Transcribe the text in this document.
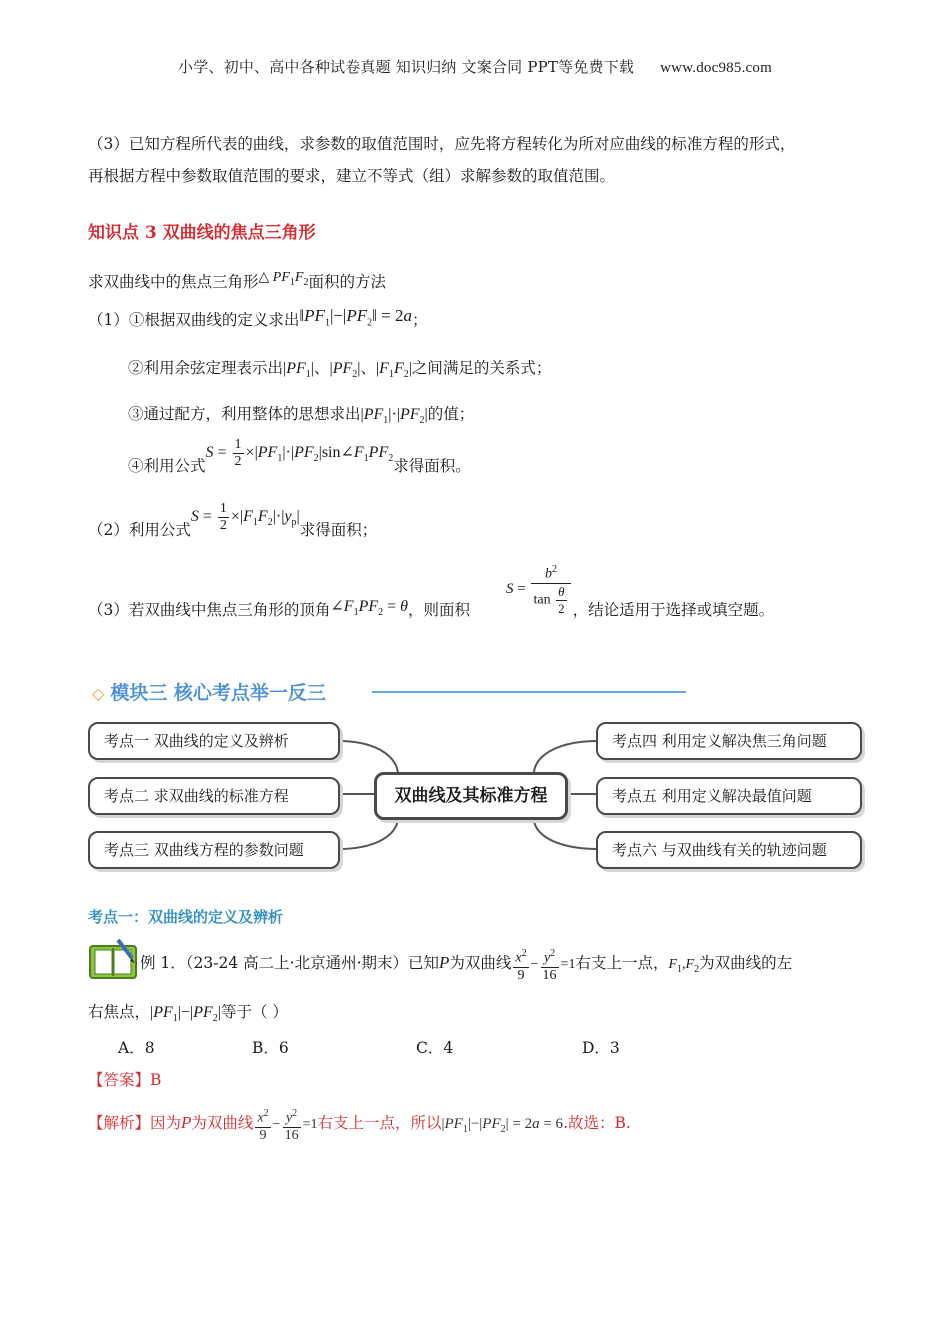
小学、初中、高中各种试卷真题 知识归纳 文案合同 PPT等免费下载 www.doc985.com
（3）已知方程所代表的曲线，求参数的取值范围时，应先将方程转化为所对应曲线的标准方程的形式，
再根据方程中参数取值范围的要求，建立不等式（组）求解参数的取值范围。
知识点 3 双曲线的焦点三角形
求双曲线中的焦点三角形△ $PF_1F_2$面积的方法
（1）①根据双曲线的定义求出$‖PF_1|-|PF_2‖ = 2a$；
②利用余弦定理表示出$|PF_1|$、$|PF_2|$、$|F_1F_2|$之间满足的关系式；
③通过配方，利用整体的思想求出$|PF_1|\cdot|PF_2|$的值；
④利用公式$S = \frac{1}{2}$ $\times|PF_1|\cdot|PF_2|\sin\angle F_1PF_2$求得面积。
（2）利用公式$S = \frac{1}{2} \times|F_1F_2|\cdot|y_p|$求得面积；
（3）若双曲线中焦点三角形的顶角$\angle F_1PF_2 = \theta$，则面积$S = \frac{b^2}{\tan \frac{\theta}{2}}$ ，结论适用于选择或填空题。
◇ 模块三 核心考点举一反三
考点一 双曲线的定义及辨析
考点二 求双曲线的标准方程
考点三 双曲线方程的参数问题
双曲线及其标准方程
考点四 利用定义解决焦三角问题
考点五 利用定义解决最值问题
考点六 与双曲线有关的轨迹问题
考点一：双曲线的定义及辨析
例 1．（23-24 高二上·北京通州·期末）已知P为双曲线 $\frac{x^2}{9} - \frac{y^2}{16} =1$右支上一点，$F_1,F_2$为双曲线的左
右焦点，$|PF_1|-|PF_2|$等于（ ）
A．8	B．6	C．4	D．3
【答案】B
【解析】因为P为双曲线 $\frac{x^2}{9} - \frac{y^2}{16} =1$右支上一点，所以$|PF_1|-|PF_2| = 2a = 6$.故选：B.
